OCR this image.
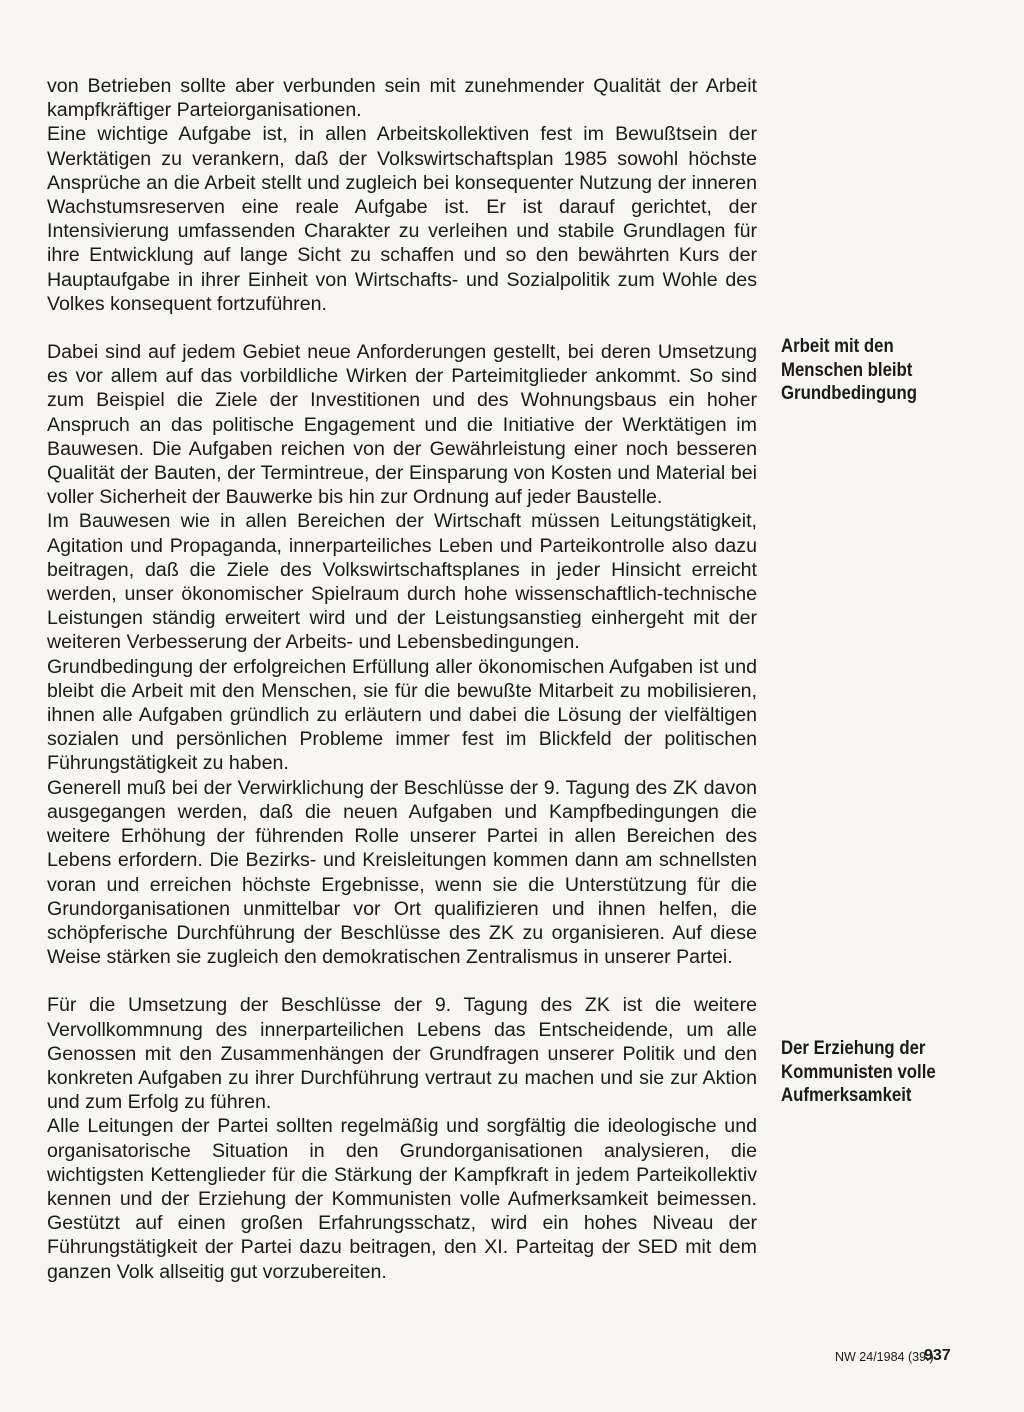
von Betrieben sollte aber verbunden sein mit zunehmender Qualität der Arbeit kampfkräftiger Parteiorganisationen.

Eine wichtige Aufgabe ist, in allen Arbeitskollektiven fest im Bewußtsein der Werktätigen zu verankern, daß der Volkswirtschaftsplan 1985 sowohl höchste Ansprüche an die Arbeit stellt und zugleich bei konsequenter Nutzung der inneren Wachstumsreserven eine reale Aufgabe ist. Er ist darauf gerichtet, der Intensivierung umfassenden Charakter zu verleihen und stabile Grundlagen für ihre Entwicklung auf lange Sicht zu schaffen und so den bewährten Kurs der Hauptaufgabe in ihrer Einheit von Wirtschafts- und Sozialpolitik zum Wohle des Volkes konsequent fortzuführen.

Dabei sind auf jedem Gebiet neue Anforderungen gestellt, bei deren Umsetzung es vor allem auf das vorbildliche Wirken der Parteimitglieder ankommt. So sind zum Beispiel die Ziele der Investitionen und des Wohnungsbaus ein hoher Anspruch an das politische Engagement und die Initiative der Werktätigen im Bauwesen. Die Aufgaben reichen von der Gewährleistung einer noch besseren Qualität der Bauten, der Termintreue, der Einsparung von Kosten und Material bei voller Sicherheit der Bauwerke bis hin zur Ordnung auf jeder Baustelle.

Im Bauwesen wie in allen Bereichen der Wirtschaft müssen Leitungstätigkeit, Agitation und Propaganda, innerparteiliches Leben und Parteikontrolle also dazu beitragen, daß die Ziele des Volkswirtschaftsplanes in jeder Hinsicht erreicht werden, unser ökonomischer Spielraum durch hohe wissenschaftlich-technische Leistungen ständig erweitert wird und der Leistungsanstieg einhergeht mit der weiteren Verbesserung der Arbeits- und Lebensbedingungen.

Grundbedingung der erfolgreichen Erfüllung aller ökonomischen Aufgaben ist und bleibt die Arbeit mit den Menschen, sie für die bewußte Mitarbeit zu mobilisieren, ihnen alle Aufgaben gründlich zu erläutern und dabei die Lösung der vielfältigen sozialen und persönlichen Probleme immer fest im Blickfeld der politischen Führungstätigkeit zu haben.

Generell muß bei der Verwirklichung der Beschlüsse der 9. Tagung des ZK davon ausgegangen werden, daß die neuen Aufgaben und Kampfbedingungen die weitere Erhöhung der führenden Rolle unserer Partei in allen Bereichen des Lebens erfordern. Die Bezirks- und Kreisleitungen kommen dann am schnellsten voran und erreichen höchste Ergebnisse, wenn sie die Unterstützung für die Grundorganisationen unmittelbar vor Ort qualifizieren und ihnen helfen, die schöpferische Durchführung der Beschlüsse des ZK zu organisieren. Auf diese Weise stärken sie zugleich den demokratischen Zentralismus in unserer Partei.

Für die Umsetzung der Beschlüsse der 9. Tagung des ZK ist die weitere Vervollkommnung des innerparteilichen Lebens das Entscheidende, um alle Genossen mit den Zusammenhängen der Grundfragen unserer Politik und den konkreten Aufgaben zu ihrer Durchführung vertraut zu machen und sie zur Aktion und zum Erfolg zu führen.

Alle Leitungen der Partei sollten regelmäßig und sorgfältig die ideologische und organisatorische Situation in den Grundorganisationen analysieren, die wichtigsten Kettenglieder für die Stärkung der Kampfkraft in jedem Parteikollektiv kennen und der Erziehung der Kommunisten volle Aufmerksamkeit beimessen. Gestützt auf einen großen Erfahrungsschatz, wird ein hohes Niveau der Führungstätigkeit der Partei dazu beitragen, den XI. Parteitag der SED mit dem ganzen Volk allseitig gut vorzubereiten.

Arbeit mit den
Menschen bleibt
Grundbedingung
Der Erziehung der
Kommunisten volle
Aufmerksamkeit
NW 24/1984 (39.)
937
